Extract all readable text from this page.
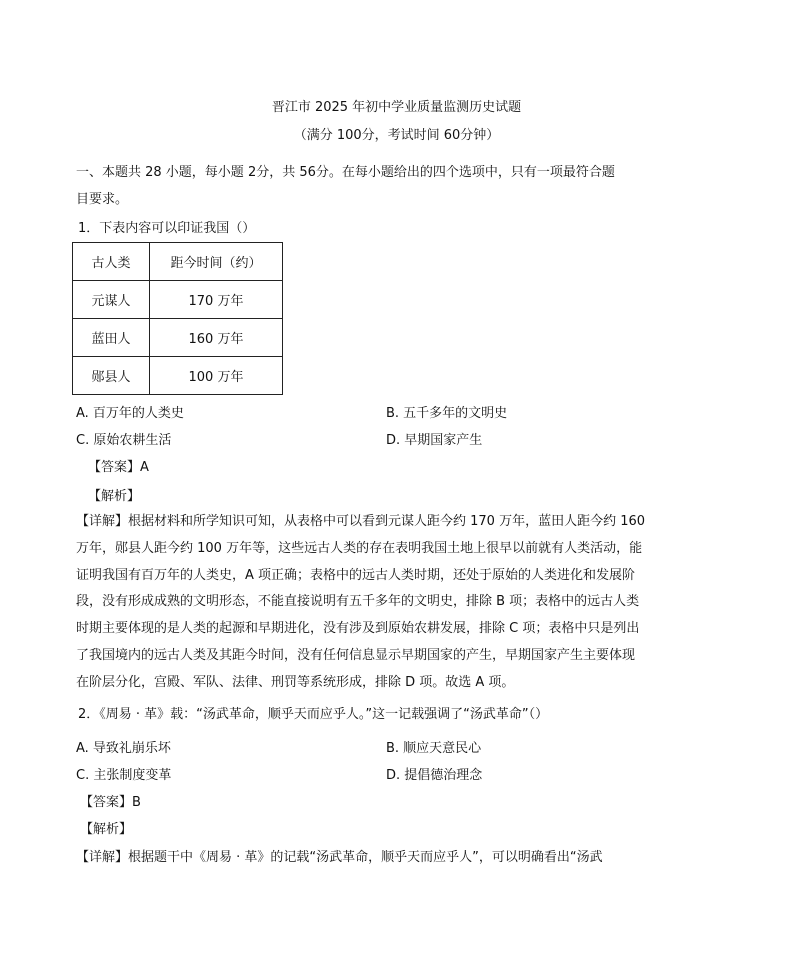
晋江市 2025 年初中学业质量监测历史试题
（满分 100分，考试时间 60分钟）
一、本题共 28 小题，每小题 2分，共 56分。在每小题给出的四个选项中，只有一项最符合题
目要求。
1．下表内容可以印证我国（）
古人类	距今时间（约）
元谋人	170 万年
蓝田人	160 万年
郧县人	100 万年
A. 百万年的人类史	B. 五千多年的文明史
C. 原始农耕生活	D. 早期国家产生
【答案】A
【解析】

【详解】根据材料和所学知识可知，从表格中可以看到元谋人距今约 170 万年，蓝田人距今约 160

万年，郧县人距今约 100 万年等，这些远古人类的存在表明我国土地上很早以前就有人类活动，能

证明我国有百万年的人类史，A 项正确；表格中的远古人类时期，还处于原始的人类进化和发展阶

段，没有形成成熟的文明形态，不能直接说明有五千多年的文明史，排除 B 项；表格中的远古人类

时期主要体现的是人类的起源和早期进化，没有涉及到原始农耕发展，排除 C 项；表格中只是列出

了我国境内的远古人类及其距今时间，没有任何信息显示早期国家的产生，早期国家产生主要体现

在阶层分化，宫殿、军队、法律、刑罚等系统形成，排除 D 项。故选 A 项。

2．《周易 · 革》载：“汤武革命，顺乎天而应乎人。”这一记载强调了“汤武革命”（）
A. 导致礼崩乐坏	B. 顺应天意民心
C. 主张制度变革	D. 提倡德治理念
【答案】B
【解析】
【详解】根据题干中《周易 · 革》的记载“汤武革命，顺乎天而应乎人”，可以明确看出“汤武
